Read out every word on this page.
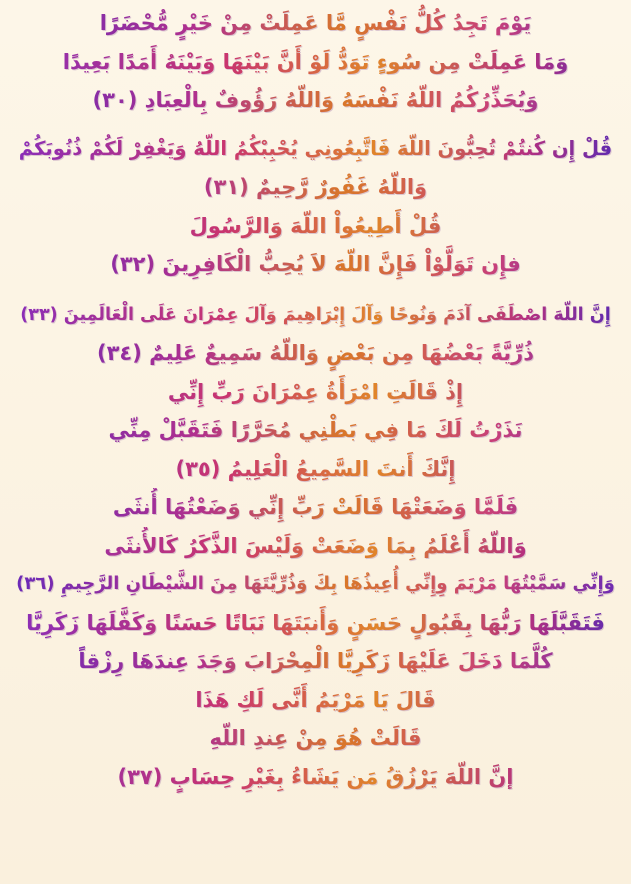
يَوْمَ تَجِدُ كُلُّ نَفْسٍ مَّا عَمِلَتْ مِنْ خَيْرٍ مُّحْضَرًا
وَمَا عَمِلَتْ مِن سُوءٍ تَوَدُّ لَوْ أَنَّ بَيْنَهَا وَبَيْنَهُ أَمَدًا بَعِيدًا
وَيُحَذِّرُكُمُ اللّهُ نَفْسَهُ وَاللّهُ رَؤُوفٌ بِالْعِبَادِ (٣٠)
قُلْ إِن كُنتُمْ تُحِبُّونَ اللّهَ فَاتَّبِعُونِي يُحْبِبْكُمُ اللّهُ وَيَغْفِرْ لَكُمْ ذُنُوبَكُمْ
وَاللّهُ غَفُورٌ رَّحِيمٌ (٣١)
قُلْ أَطِيعُواْ اللّهَ وَالرَّسُولَ
فإِن تَوَلَّوْاْ فَإِنَّ اللّهَ لاَ يُحِبُّ الْكَافِرِينَ (٣٢)
إِنَّ اللّهَ اصْطَفَى آدَمَ وَنُوحًا وَآلَ إِبْرَاهِيمَ وَآلَ عِمْرَانَ عَلَى الْعَالَمِينَ (٣٣)
ذُرِّيَّةً بَعْضُهَا مِن بَعْضٍ وَاللّهُ سَمِيعٌ عَلِيمٌ (٣٤)
إِذْ قَالَتِ امْرَأَةُ عِمْرَانَ رَبِّ إِنِّي
نَذَرْتُ لَكَ مَا فِي بَطْنِي مُحَرَّرًا فَتَقَبَّلْ مِنِّي
إِنَّكَ أَنتَ السَّمِيعُ الْعَلِيمُ (٣٥)
فَلَمَّا وَضَعَتْهَا قَالَتْ رَبِّ إِنِّي وَضَعْتُهَا أُنثَى
وَاللّهُ أَعْلَمُ بِمَا وَضَعَتْ وَلَيْسَ الذَّكَرُ كَالأُنثَى
وَإِنِّي سَمَّيْتُهَا مَرْيَمَ وِإِنِّي أُعِيذُهَا بِكَ وَذُرِّيَّتَهَا مِنَ الشَّيْطَانِ الرَّجِيمِ (٣٦)
فَتَقَبَّلَهَا رَبُّهَا بِقَبُولٍ حَسَنٍ وَأَنبَتَهَا نَبَاتًا حَسَنًا وَكَفَّلَهَا زَكَرِيَّا
كُلَّمَا دَخَلَ عَلَيْهَا زَكَرِيَّا الْمِحْرَابَ وَجَدَ عِندَهَا رِزْقاً
قَالَ يَا مَرْيَمُ أَنَّى لَكِ هَذَا
قَالَتْ هُوَ مِنْ عِندِ اللّهِ
إنَّ اللّهَ يَرْزُقُ مَن يَشَاءُ بِغَيْرِ حِسَابٍ (٣٧)
